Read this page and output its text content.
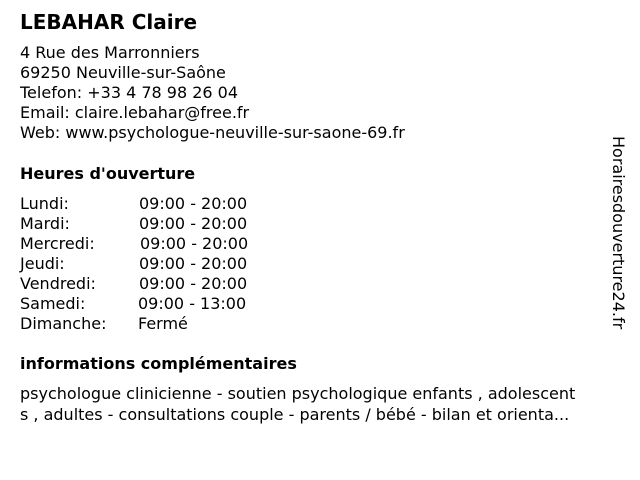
LEBAHAR Claire
4 Rue des Marronniers
69250 Neuville-sur-Saône
Telefon: +33 4 78 98 26 04
Email: claire.lebahar@free.fr
Web: www.psychologue-neuville-sur-saone-69.fr
Heures d'ouverture
Lundi:	09:00 - 20:00
Mardi:	09:00 - 20:00
Mercredi:	09:00 - 20:00
Jeudi:	09:00 - 20:00
Vendredi:	09:00 - 20:00
Samedi:	09:00 - 13:00
Dimanche: Fermé
informations complémentaires
psychologue clinicienne - soutien psychologique enfants , adolescent
s , adultes - consultations couple - parents / bébé - bilan et orienta...
Horairesdouverture24.fr
